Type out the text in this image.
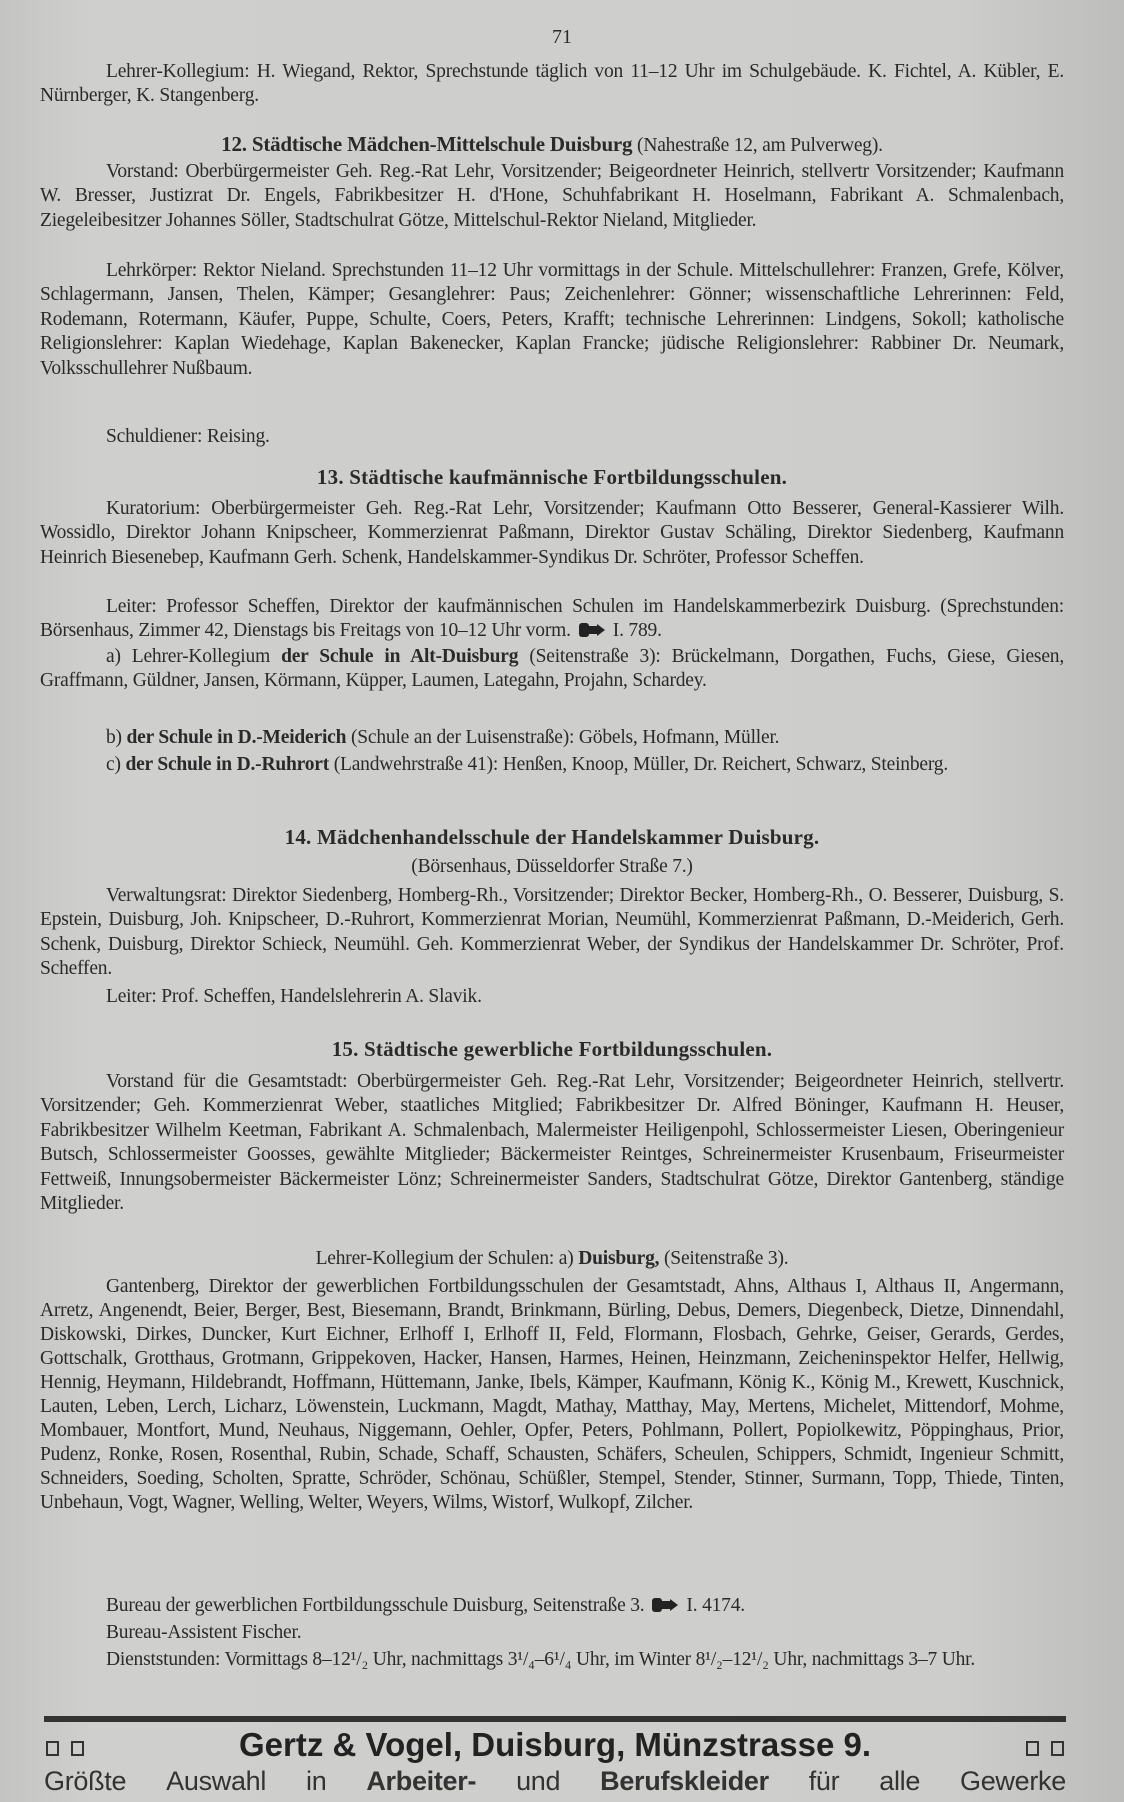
71

Lehrer-Kollegium: H. Wiegand, Rektor, Sprechstunde täglich von 11–12 Uhr im Schulgebäude. K. Fichtel, A. Kübler, E. Nürnberger, K. Stangenberg.

12. Städtische Mädchen-Mittelschule Duisburg (Nahestraße 12, am Pulverweg).

Vorstand: Oberbürgermeister Geh. Reg.-Rat Lehr, Vorsitzender; Beigeordneter Heinrich, stellvertr Vorsitzender; Kaufmann W. Bresser, Justizrat Dr. Engels, Fabrikbesitzer H. d'Hone, Schuhfabrikant H. Hoselmann, Fabrikant A. Schmalenbach, Ziegeleibesitzer Johannes Söller, Stadtschulrat Götze, Mittelschul-Rektor Nieland, Mitglieder.

Lehrkörper: Rektor Nieland. Sprechstunden 11–12 Uhr vormittags in der Schule. Mittelschullehrer: Franzen, Grefe, Kölver, Schlagermann, Jansen, Thelen, Kämper; Gesanglehrer: Paus; Zeichenlehrer: Gönner; wissenschaftliche Lehrerinnen: Feld, Rodemann, Rotermann, Käufer, Puppe, Schulte, Coers, Peters, Krafft; technische Lehrerinnen: Lindgens, Sokoll; katholische Religionslehrer: Kaplan Wiedehage, Kaplan Bakenecker, Kaplan Francke; jüdische Religionslehrer: Rabbiner Dr. Neumark, Volksschullehrer Nußbaum.

Schuldiener: Reising.

13. Städtische kaufmännische Fortbildungsschulen.

Kuratorium: Oberbürgermeister Geh. Reg.-Rat Lehr, Vorsitzender; Kaufmann Otto Besserer, General-Kassierer Wilh. Wossidlo, Direktor Johann Knipscheer, Kommerzienrat Paßmann, Direktor Gustav Schäling, Direktor Siedenberg, Kaufmann Heinrich Biesenebер, Kaufmann Gerh. Schenk, Handelskammer-Syndikus Dr. Schröter, Professor Scheffen.

Leiter: Professor Scheffen, Direktor der kaufmännischen Schulen im Handelskammerbezirk Duisburg. (Sprechstunden: Börsenhaus, Zimmer 42, Dienstags bis Freitags von 10–12 Uhr vorm. I. 789.

a) Lehrer-Kollegium der Schule in Alt-Duisburg (Seitenstraße 3): Brückelmann, Dorgathen, Fuchs, Giese, Giesen, Graffmann, Güldner, Jansen, Körmann, Küpper, Laumen, Lategahn, Projahn, Schardey.

b) der Schule in D.-Meiderich (Schule an der Luisenstraße): Göbels, Hofmann, Müller.

c) der Schule in D.-Ruhrort (Landwehrstraße 41): Henßen, Knoop, Müller, Dr. Reichert, Schwarz, Steinberg.

14. Mädchenhandelsschule der Handelskammer Duisburg.
(Börsenhaus, Düsseldorfer Straße 7.)

Verwaltungsrat: Direktor Siedenberg, Homberg-Rh., Vorsitzender; Direktor Becker, Homberg-Rh., O. Besserer, Duisburg, S. Epstein, Duisburg, Joh. Knipscheer, D.-Ruhrort, Kommerzienrat Morian, Neumühl, Kommerzienrat Paßmann, D.-Meiderich, Gerh. Schenk, Duisburg, Direktor Schieck, Neumühl. Geh. Kommerzienrat Weber, der Syndikus der Handelskammer Dr. Schröter, Prof. Scheffen.

Leiter: Prof. Scheffen, Handelslehrerin A. Slavik.

15. Städtische gewerbliche Fortbildungsschulen.

Vorstand für die Gesamtstadt: Oberbürgermeister Geh. Reg.-Rat Lehr, Vorsitzender; Beigeordneter Heinrich, stellvertr. Vorsitzender; Geh. Kommerzienrat Weber, staatliches Mitglied; Fabrikbesitzer Dr. Alfred Böninger, Kaufmann H. Heuser, Fabrikbesitzer Wilhelm Keetman, Fabrikant A. Schmalenbach, Malermeister Heiligenpohl, Schlossermeister Liesen, Oberingenieur Butsch, Schlossermeister Goosses, gewählte Mitglieder; Bäckermeister Reintges, Schreinermeister Krusenbaum, Friseurmeister Fettweiß, Innungsobermeister Bäckermeister Lönz; Schreinermeister Sanders, Stadtschulrat Götze, Direktor Gantenberg, ständige Mitglieder.

Lehrer-Kollegium der Schulen: a) Duisburg, (Seitenstraße 3).

Gantenberg, Direktor der gewerblichen Fortbildungsschulen der Gesamtstadt, Ahns, Althaus I, Althaus II, Angermann, Arretz, Angenendt, Beier, Berger, Best, Biesemann, Brandt, Brinkmann, Bürling, Debus, Demers, Diegenbeck, Dietze, Dinnendahl, Diskowski, Dirkes, Duncker, Kurt Eichner, Erlhoff I, Erlhoff II, Feld, Flormann, Flosbach, Gehrke, Geiser, Gerards, Gerdes, Gottschalk, Grotthaus, Grotmann, Grippekoven, Hacker, Hansen, Harmes, Heinen, Heinzmann, Zeicheninspektor Helfer, Hellwig, Hennig, Heymann, Hildebrandt, Hoffmann, Hüttemann, Janke, Ibels, Kämper, Kaufmann, König K., König M., Krewett, Kuschnick, Lauten, Leben, Lerch, Licharz, Löwenstein, Luckmann, Magdt, Mathay, Matthay, May, Mertens, Michelet, Mittendorf, Mohme, Mombauer, Montfort, Mund, Neuhaus, Niggemann, Oehler, Opfer, Peters, Pohlmann, Pollert, Popiolkewitz, Pöppinghaus, Prior, Pudenz, Ronke, Rosen, Rosenthal, Rubin, Schade, Schaff, Schausten, Schäfers, Scheulen, Schippers, Schmidt, Ingenieur Schmitt, Schneiders, Soeding, Scholten, Spratte, Schröder, Schönau, Schüßler, Stempel, Stender, Stinner, Surmann, Topp, Thiede, Tinten, Unbehaun, Vogt, Wagner, Welling, Welter, Weyers, Wilms, Wistorf, Wulkopf, Zilcher.

Bureau der gewerblichen Fortbildungsschule Duisburg, Seitenstraße 3. I. 4174.

Bureau-Assistent Fischer.

Dienststunden: Vormittags 8–12¹/₂ Uhr, nachmittags 3¹/₄–6¹/₄ Uhr, im Winter 8¹/₂–12¹/₂ Uhr, nachmittags 3–7 Uhr.

Gertz & Vogel, Duisburg, Münzstrasse 9.
Größte Auswahl in Arbeiter- und Berufskleider für alle Gewerke
